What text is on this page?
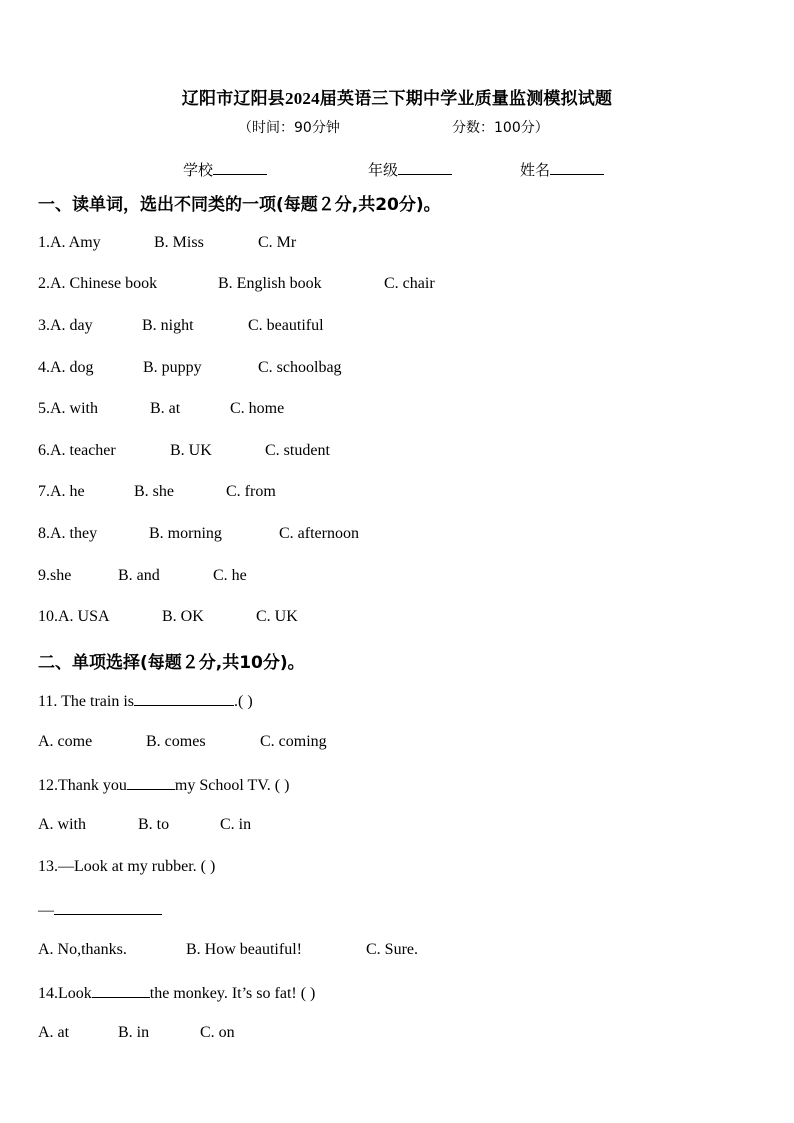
辽阳市辽阳县2024届英语三下期中学业质量监测模拟试题
（时间：90分钟	分数：100分）
学校	年级	姓名
一、读单词，选出不同类的一项(每题２分,共20分)。
1.A. Amy	B. Miss	C. Mr
2.A. Chinese book	B. English book	C. chair
3.A. day	B. night	C. beautiful
4.A. dog	B. puppy	C. schoolbag
5.A. with	B. at	C. home
6.A. teacher	B. UK	C. student
7.A. he	B. she	C. from
8.A. they	B. morning	C. afternoon
9.she	B. and	C. he
10.A. USA	B. OK	C. UK
二、单项选择(每题２分,共10分)。
11. The train is	.( )
A. come	B. comes	C. coming
12.Thank you	my School TV. ( )
A. with	B. to	C. in
13.—Look at my rubber. ( )
—
A. No,thanks.	B. How beautiful!	C. Sure.
14.Look	the monkey. It’s so fat! ( )
A. at	B. in	C. on
